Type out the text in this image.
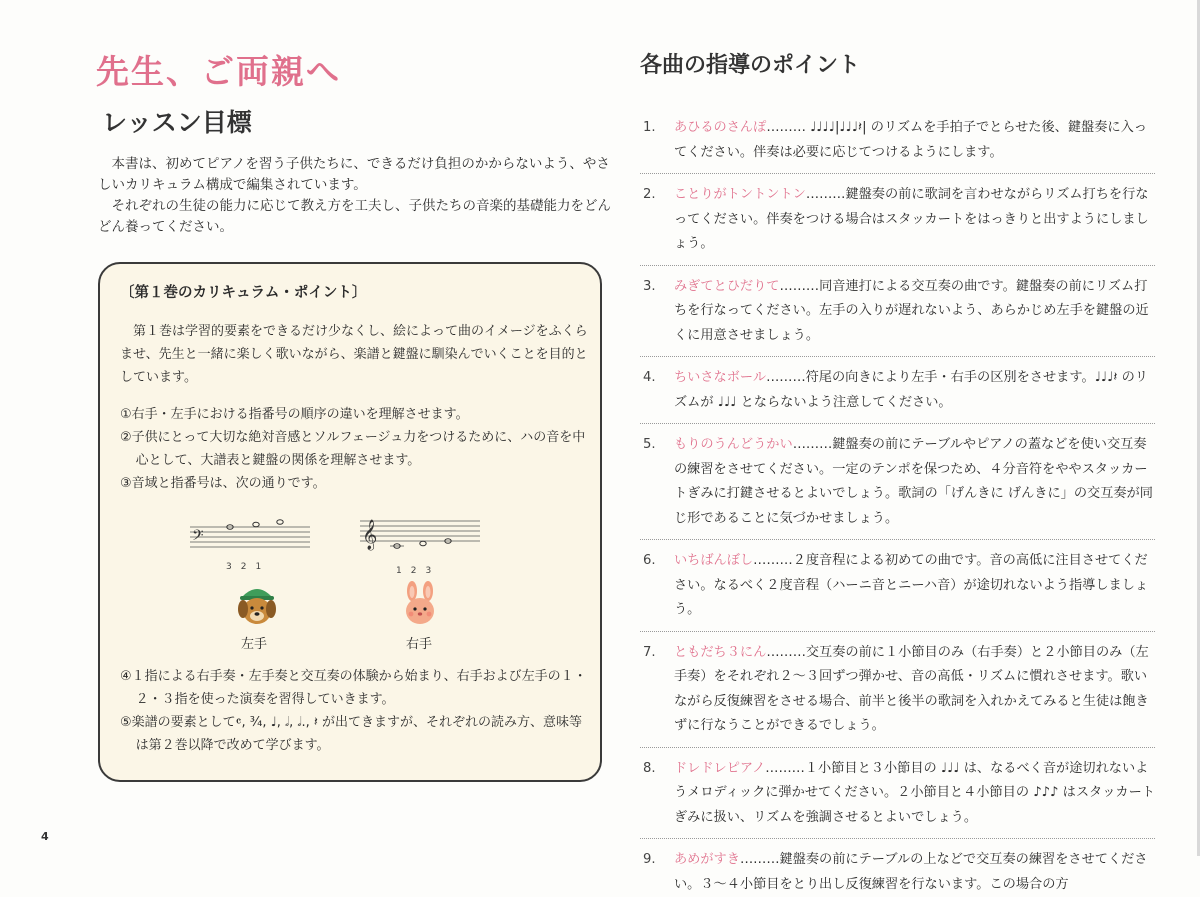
先生、ご両親へ
レッスン目標

本書は、初めてピアノを習う子供たちに、できるだけ負担のかからないよう、やさしいカリキュラム構成で編集されています。

それぞれの生徒の能力に応じて教え方を工夫し、子供たちの音楽的基礎能力をどんどん養ってください。

〔第１巻のカリキュラム・ポイント〕

第１巻は学習的要素をできるだけ少なくし、絵によって曲のイメージをふくらませ、先生と一緒に楽しく歌いながら、楽譜と鍵盤に馴染んでいくことを目的としています。

①右手・左手における指番号の順序の違いを理解させます。

②子供にとって大切な絶対音感とソルフェージュ力をつけるために、ハの音を中心として、大譜表と鍵盤の関係を理解させます。

③音域と指番号は、次の通りです。

𝄢
3　2　1
𝄞
1　2　3
左手	右手

④１指による右手奏・左手奏と交互奏の体験から始まり、右手および左手の１・２・３指を使った演奏を習得していきます。

⑤楽譜の要素として𝄴, ¾, ♩, 𝅗𝅥, 𝅗𝅥., 𝄽 が出てきますが、それぞれの読み方、意味等は第２巻以降で改めて学びます。

各曲の指導のポイント

1. あひるのさんぽ……… ♩♩♩♩|♩♩♩𝄽| のリズムを手拍子でとらせた後、鍵盤奏に入ってください。伴奏は必要に応じてつけるようにします。

2. ことりがトントントン………鍵盤奏の前に歌詞を言わせながらリズム打ちを行なってください。伴奏をつける場合はスタッカートをはっきりと出すようにしましょう。

3. みぎてとひだりて………同音連打による交互奏の曲です。鍵盤奏の前にリズム打ちを行なってください。左手の入りが遅れないよう、あらかじめ左手を鍵盤の近くに用意させましょう。

4. ちいさなボール………符尾の向きにより左手・右手の区別をさせます。♩♩♩𝄽 のリズムが ♩♩♩ とならないよう注意してください。

5. もりのうんどうかい………鍵盤奏の前にテーブルやピアノの蓋などを使い交互奏の練習をさせてください。一定のテンポを保つため、４分音符をややスタッカートぎみに打鍵させるとよいでしょう。歌詞の「げんきに げんきに」の交互奏が同じ形であることに気づかせましょう。

6. いちばんぼし………２度音程による初めての曲です。音の高低に注目させてください。なるべく２度音程（ハーニ音とニーハ音）が途切れないよう指導しましょう。

7. ともだち３にん………交互奏の前に１小節目のみ（右手奏）と２小節目のみ（左手奏）をそれぞれ２～３回ずつ弾かせ、音の高低・リズムに慣れさせます。歌いながら反復練習をさせる場合、前半と後半の歌詞を入れかえてみると生徒は飽きずに行なうことができるでしょう。

8. ドレドレピアノ………１小節目と３小節目の ♩♩♩ は、なるべく音が途切れないようメロディックに弾かせてください。２小節目と４小節目の ♪♪♪ はスタッカートぎみに扱い、リズムを強調させるとよいでしょう。

9. あめがすき………鍵盤奏の前にテーブルの上などで交互奏の練習をさせてください。３～４小節目をとり出し反復練習を行ないます。この場合の方

4
